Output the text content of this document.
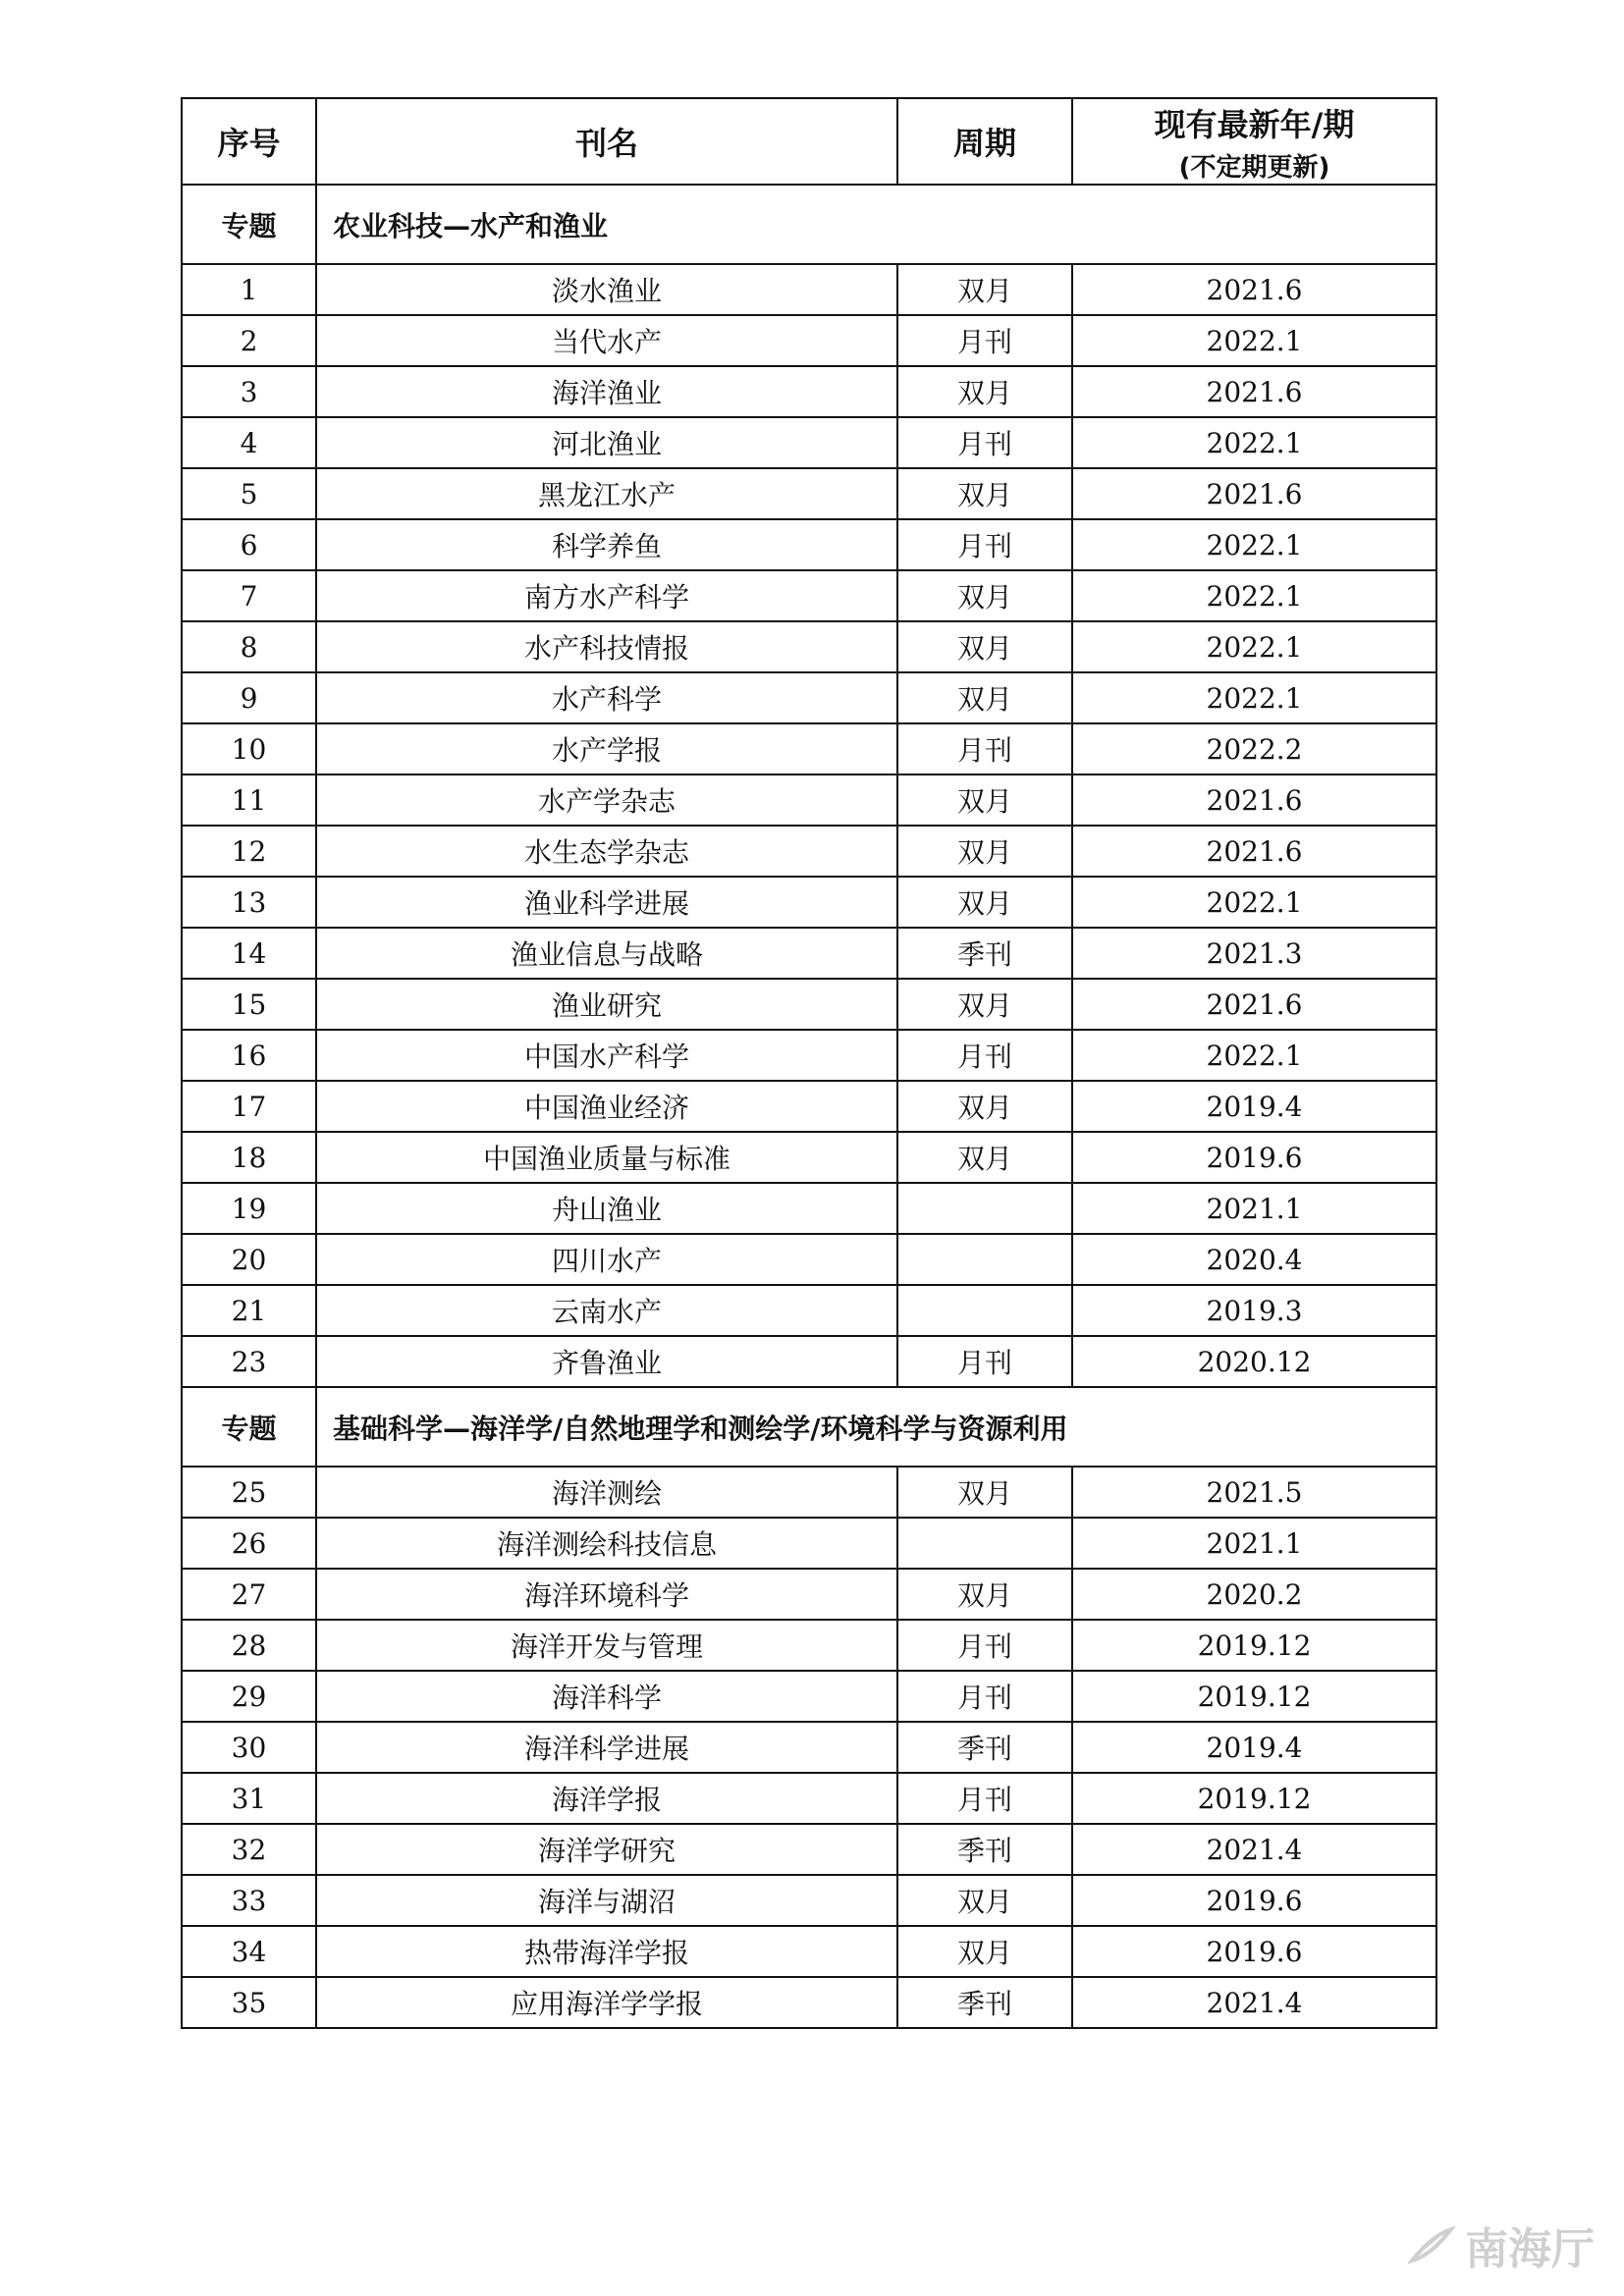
序号	刊名	周期	现有最新年/期
(不定期更新)

专题	农业科技—水产和渔业		
1	淡水渔业	双月	2021.6
2	当代水产	月刊	2022.1
3	海洋渔业	双月	2021.6
4	河北渔业	月刊	2022.1
5	黑龙江水产	双月	2021.6
6	科学养鱼	月刊	2022.1
7	南方水产科学	双月	2022.1
8	水产科技情报	双月	2022.1
9	水产科学	双月	2022.1
10	水产学报	月刊	2022.2
11	水产学杂志	双月	2021.6
12	水生态学杂志	双月	2021.6
13	渔业科学进展	双月	2022.1
14	渔业信息与战略	季刊	2021.3
15	渔业研究	双月	2021.6
16	中国水产科学	月刊	2022.1
17	中国渔业经济	双月	2019.4
18	中国渔业质量与标准	双月	2019.6
19	舟山渔业		2021.1
20	四川水产		2020.4
21	云南水产		2019.3
23	齐鲁渔业	月刊	2020.12
专题	基础科学—海洋学/自然地理学和测绘学/环境科学与资源利用		
25	海洋测绘	双月	2021.5
26	海洋测绘科技信息		2021.1
27	海洋环境科学	双月	2020.2
28	海洋开发与管理	月刊	2019.12
29	海洋科学	月刊	2019.12
30	海洋科学进展	季刊	2019.4
31	海洋学报	月刊	2019.12
32	海洋学研究	季刊	2021.4
33	海洋与湖沼	双月	2019.6
34	热带海洋学报	双月	2019.6
35	应用海洋学学报	季刊	2021.4
南海厅
